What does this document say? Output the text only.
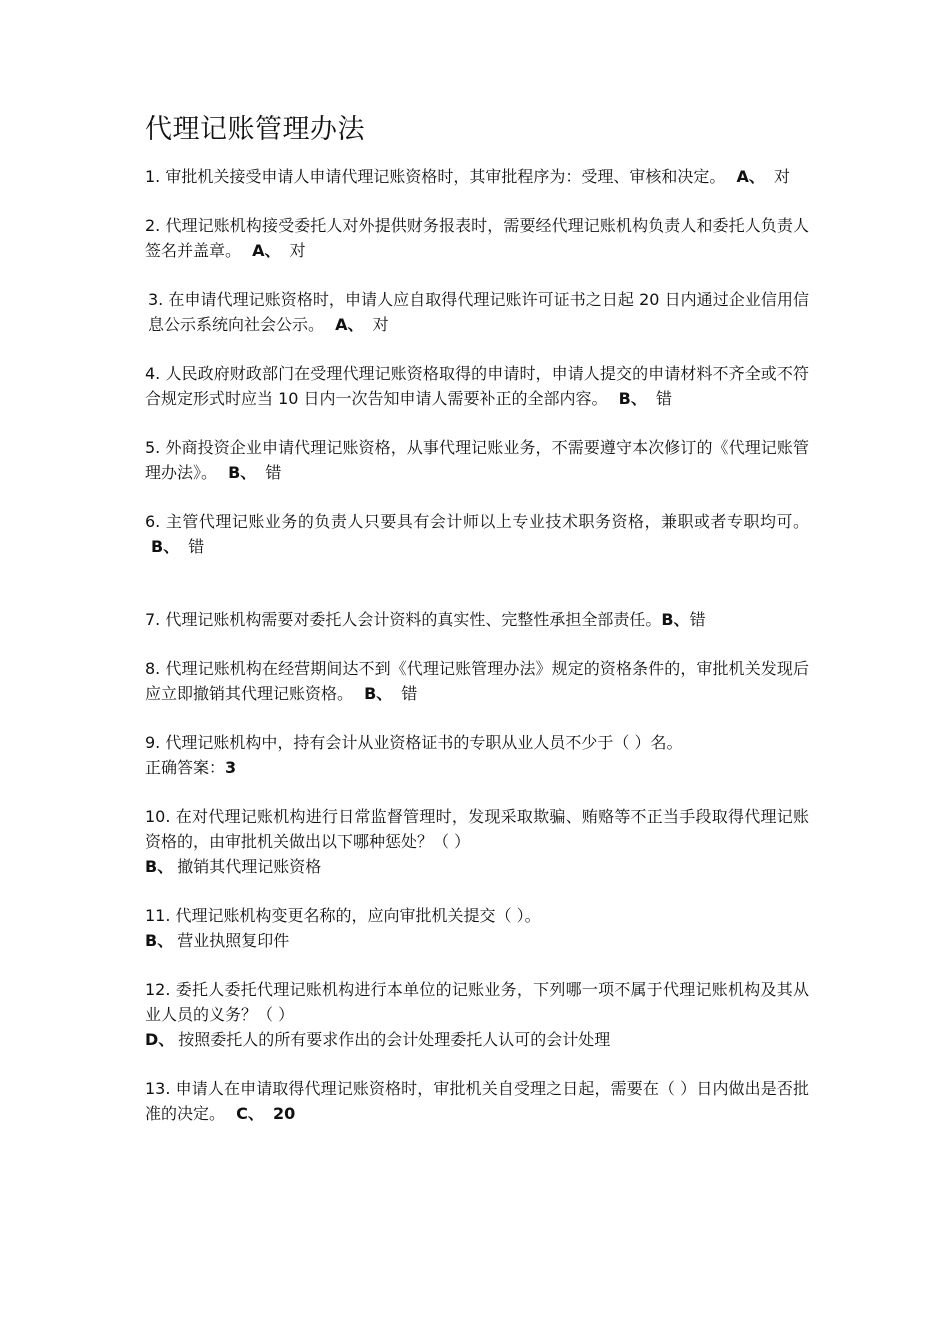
代理记账管理办法

1. 审批机关接受申请人申请代理记账资格时，其审批程序为：受理、审核和决定。 A、 对

2. 代理记账机构接受委托人对外提供财务报表时，需要经代理记账机构负责人和委托人负责人签名并盖章。 A、 对

3. 在申请代理记账资格时，申请人应自取得代理记账许可证书之日起 20 日内通过企业信用信息公示系统向社会公示。 A、 对

4. 人民政府财政部门在受理代理记账资格取得的申请时，申请人提交的申请材料不齐全或不符合规定形式时应当 10 日内一次告知申请人需要补正的全部内容。 B、 错

5. 外商投资企业申请代理记账资格，从事代理记账业务，不需要遵守本次修订的《代理记账管理办法》。 B、 错

6. 主管代理记账业务的负责人只要具有会计师以上专业技术职务资格，兼职或者专职均可。 B、 错

7. 代理记账机构需要对委托人会计资料的真实性、完整性承担全部责任。B、错

8. 代理记账机构在经营期间达不到《代理记账管理办法》规定的资格条件的，审批机关发现后应立即撤销其代理记账资格。 B、 错

9. 代理记账机构中，持有会计从业资格证书的专职从业人员不少于（ ）名。
正确答案：3

10. 在对代理记账机构进行日常监督管理时，发现采取欺骗、贿赂等不正当手段取得代理记账资格的，由审批机关做出以下哪种惩处？（ ）
B、 撤销其代理记账资格

11. 代理记账机构变更名称的，应向审批机关提交（ ）。
B、 营业执照复印件

12. 委托人委托代理记账机构进行本单位的记账业务，下列哪一项不属于代理记账机构及其从业人员的义务？（ ）
D、 按照委托人的所有要求作出的会计处理委托人认可的会计处理

13. 申请人在申请取得代理记账资格时，审批机关自受理之日起，需要在（ ）日内做出是否批准的决定。 C、 20
